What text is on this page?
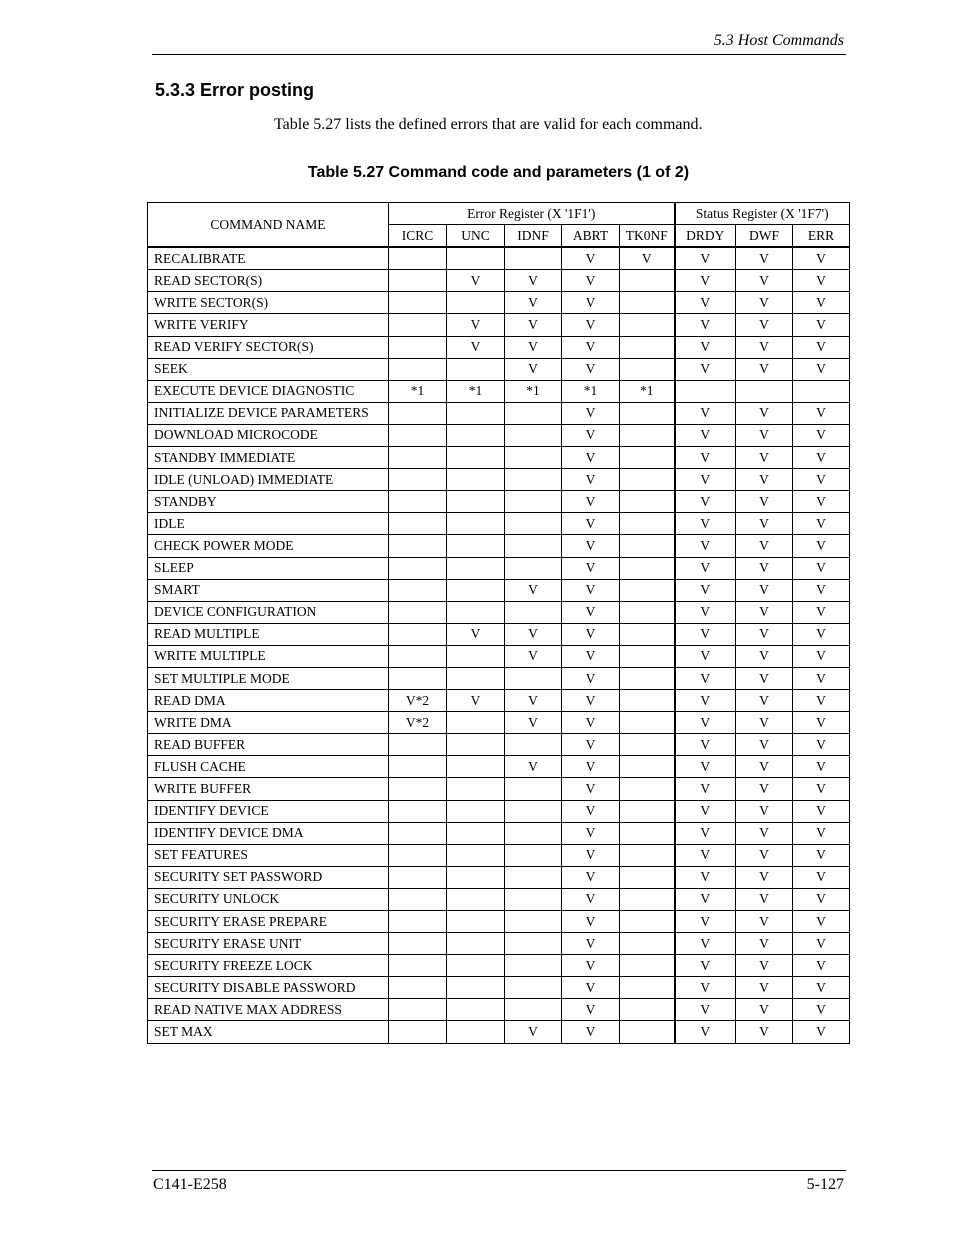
5.3 Host Commands
5.3.3 Error posting
Table 5.27 lists the defined errors that are valid for each command.
Table 5.27 Command code and parameters (1 of 2)
COMMAND NAME	Error Register (X '1F1')					Status Register (X '1F7')		
	ICRC	UNC	IDNF	ABRT	TK0NF	DRDY	DWF	ERR
RECALIBRATE				V	V	V	V	V
READ SECTOR(S)		V	V	V		V	V	V
WRITE SECTOR(S)			V	V		V	V	V
WRITE VERIFY		V	V	V		V	V	V
READ VERIFY SECTOR(S)		V	V	V		V	V	V
SEEK			V	V		V	V	V
EXECUTE DEVICE DIAGNOSTIC	*1	*1	*1	*1	*1			
INITIALIZE DEVICE PARAMETERS				V		V	V	V
DOWNLOAD MICROCODE				V		V	V	V
STANDBY IMMEDIATE				V		V	V	V
IDLE (UNLOAD) IMMEDIATE				V		V	V	V
STANDBY				V		V	V	V
IDLE				V		V	V	V
CHECK POWER MODE				V		V	V	V
SLEEP				V		V	V	V
SMART			V	V		V	V	V
DEVICE CONFIGURATION				V		V	V	V
READ MULTIPLE		V	V	V		V	V	V
WRITE MULTIPLE			V	V		V	V	V
SET MULTIPLE MODE				V		V	V	V
READ DMA	V*2	V	V	V		V	V	V
WRITE DMA	V*2		V	V		V	V	V
READ BUFFER				V		V	V	V
FLUSH CACHE			V	V		V	V	V
WRITE BUFFER				V		V	V	V
IDENTIFY DEVICE				V		V	V	V
IDENTIFY DEVICE DMA				V		V	V	V
SET FEATURES				V		V	V	V
SECURITY SET PASSWORD				V		V	V	V
SECURITY UNLOCK				V		V	V	V
SECURITY ERASE PREPARE				V		V	V	V
SECURITY ERASE UNIT				V		V	V	V
SECURITY FREEZE LOCK				V		V	V	V
SECURITY DISABLE PASSWORD				V		V	V	V
READ NATIVE MAX ADDRESS				V		V	V	V
SET MAX			V	V		V	V	V
C141-E258	5-127
